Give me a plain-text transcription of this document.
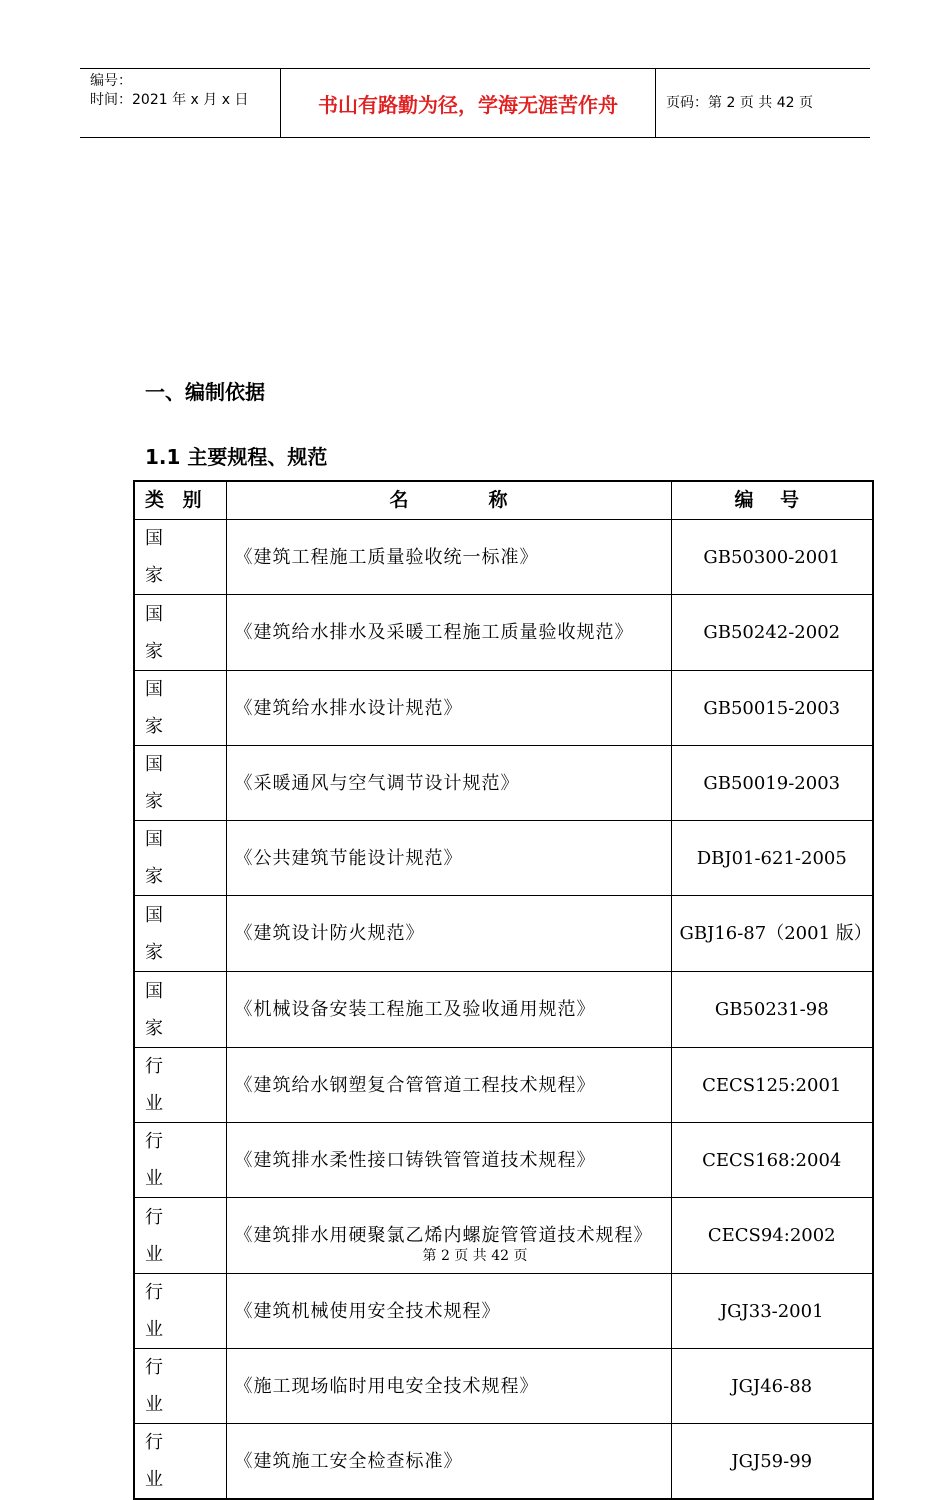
编号：
时间：2021 年 x 月 x 日	书山有路勤为径，学海无涯苦作舟	页码：第 2 页 共 42 页
一、编制依据
1.1 主要规程、规范
类 别	名 称	编 号
国 家	《建筑工程施工质量验收统一标准》	GB50300-2001
国 家	《建筑给水排水及采暖工程施工质量验收规范》	GB50242-2002
国 家	《建筑给水排水设计规范》	GB50015-2003
国 家	《采暖通风与空气调节设计规范》	GB50019-2003
国 家	《公共建筑节能设计规范》	DBJ01-621-2005
国 家	《建筑设计防火规范》	GBJ16-87（2001 版）
国 家	《机械设备安装工程施工及验收通用规范》	GB50231-98
行 业	《建筑给水钢塑复合管管道工程技术规程》	CECS125:2001
行 业	《建筑排水柔性接口铸铁管管道技术规程》	CECS168:2004
行 业	《建筑排水用硬聚氯乙烯内螺旋管管道技术规程》	CECS94:2002
行 业	《建筑机械使用安全技术规程》	JGJ33-2001
行 业	《施工现场临时用电安全技术规程》	JGJ46-88
行 业	《建筑施工安全检查标准》	JGJ59-99
第 2 页 共 42 页
